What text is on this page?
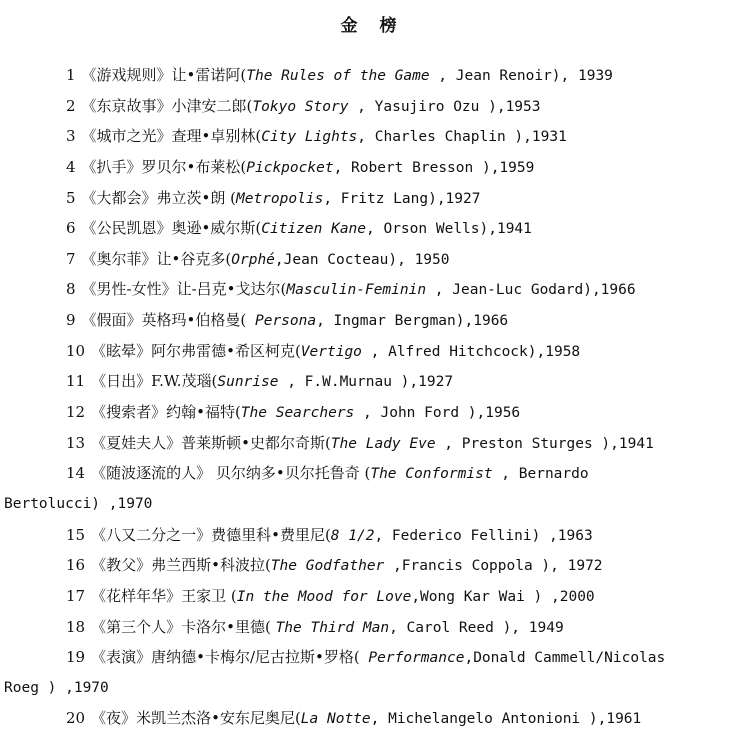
金 榜
1 《游戏规则》让•雷诺阿(The Rules of the Game , Jean Renoir), 1939
2 《东京故事》小津安二郎(Tokyo Story , Yasujiro Ozu ),1953
3 《城市之光》查理•卓别林(City Lights, Charles Chaplin ),1931
4 《扒手》罗贝尔•布莱松(Pickpocket, Robert Bresson ),1959
5 《大都会》弗立茨•朗 (Metropolis, Fritz Lang),1927
6 《公民凯恩》奥逊•威尔斯(Citizen Kane, Orson Wells),1941
7 《奥尔菲》让•谷克多(Orphé,Jean Cocteau), 1950
8 《男性-女性》让-吕克•戈达尔(Masculin-Feminin , Jean-Luc Godard),1966
9 《假面》英格玛•伯格曼( Persona, Ingmar Bergman),1966
10 《眩晕》阿尔弗雷德•希区柯克(Vertigo , Alfred Hitchcock),1958
11 《日出》F.W.茂瑙(Sunrise , F.W.Murnau ),1927
12 《搜索者》约翰•福特(The Searchers , John Ford ),1956
13 《夏娃夫人》普莱斯顿•史都尔奇斯(The Lady Eve , Preston Sturges ),1941
14 《随波逐流的人》 贝尔纳多•贝尔托鲁奇 (The Conformist , Bernardo
Bertolucci) ,1970
15 《八又二分之一》费德里科•费里尼(8 1/2, Federico Fellini) ,1963
16 《教父》弗兰西斯•科波拉(The Godfather ,Francis Coppola ), 1972
17 《花样年华》王家卫 (In the Mood for Love,Wong Kar Wai ) ,2000
18 《第三个人》卡洛尔•里德( The Third Man, Carol Reed ), 1949
19 《表演》唐纳德•卡梅尔/尼古拉斯•罗格( Performance,Donald Cammell/Nicolas
Roeg ) ,1970
20 《夜》米凯兰杰洛•安东尼奥尼(La Notte, Michelangelo Antonioni ),1961
